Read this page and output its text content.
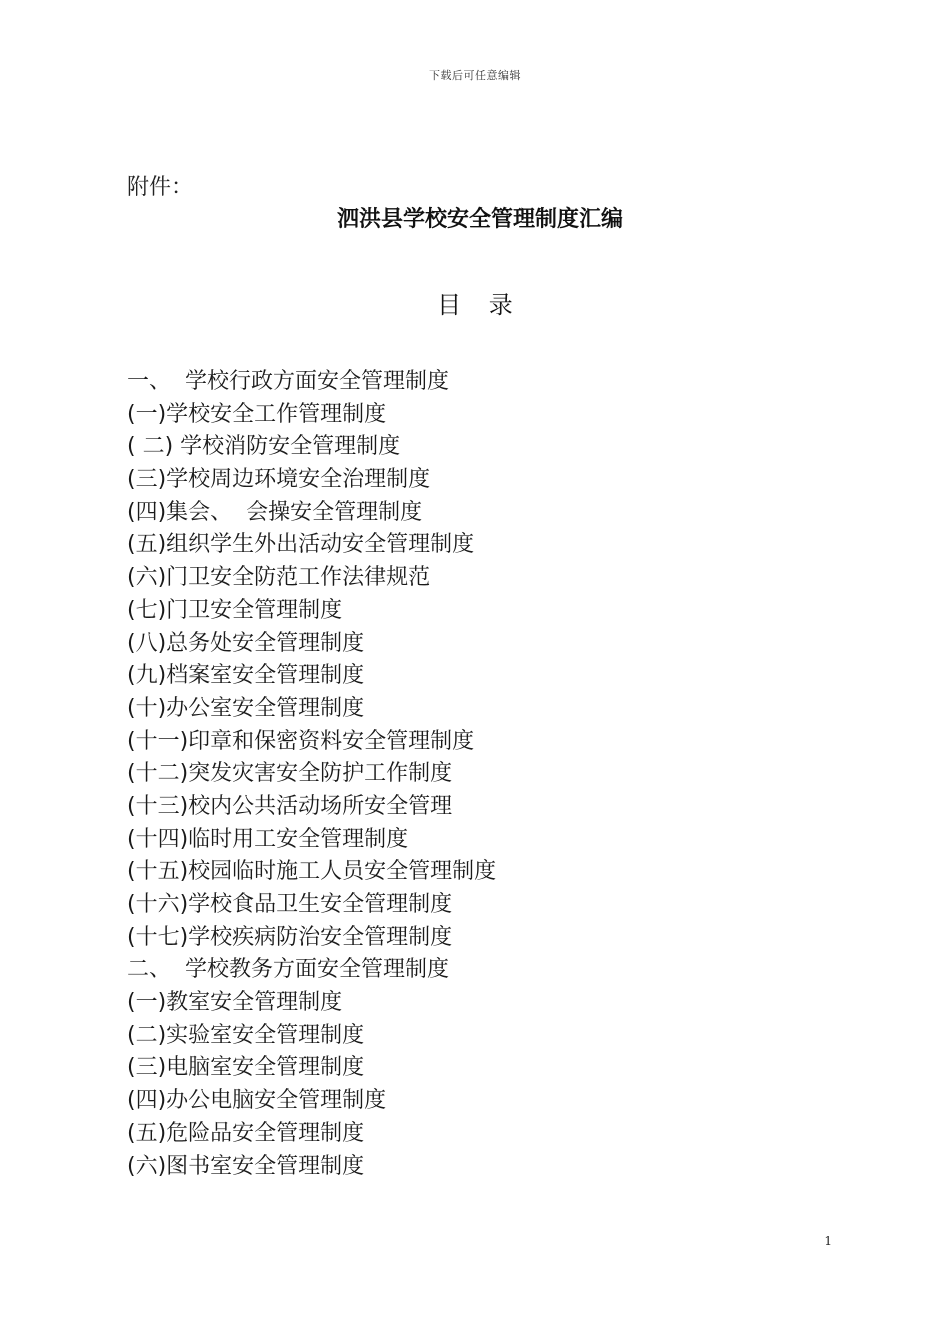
下载后可任意编辑
附件：
泗洪县学校安全管理制度汇编
目 录
一、  学校行政方面安全管理制度
(一)学校安全工作管理制度
( 二) 学校消防安全管理制度
(三)学校周边环境安全治理制度
(四)集会、  会操安全管理制度
(五)组织学生外出活动安全管理制度
(六)门卫安全防范工作法律规范
(七)门卫安全管理制度
(八)总务处安全管理制度
(九)档案室安全管理制度
(十)办公室安全管理制度
(十一)印章和保密资料安全管理制度
(十二)突发灾害安全防护工作制度
(十三)校内公共活动场所安全管理
(十四)临时用工安全管理制度
(十五)校园临时施工人员安全管理制度
(十六)学校食品卫生安全管理制度
(十七)学校疾病防治安全管理制度
二、  学校教务方面安全管理制度
(一)教室安全管理制度
(二)实验室安全管理制度
(三)电脑室安全管理制度
(四)办公电脑安全管理制度
(五)危险品安全管理制度
(六)图书室安全管理制度
1
